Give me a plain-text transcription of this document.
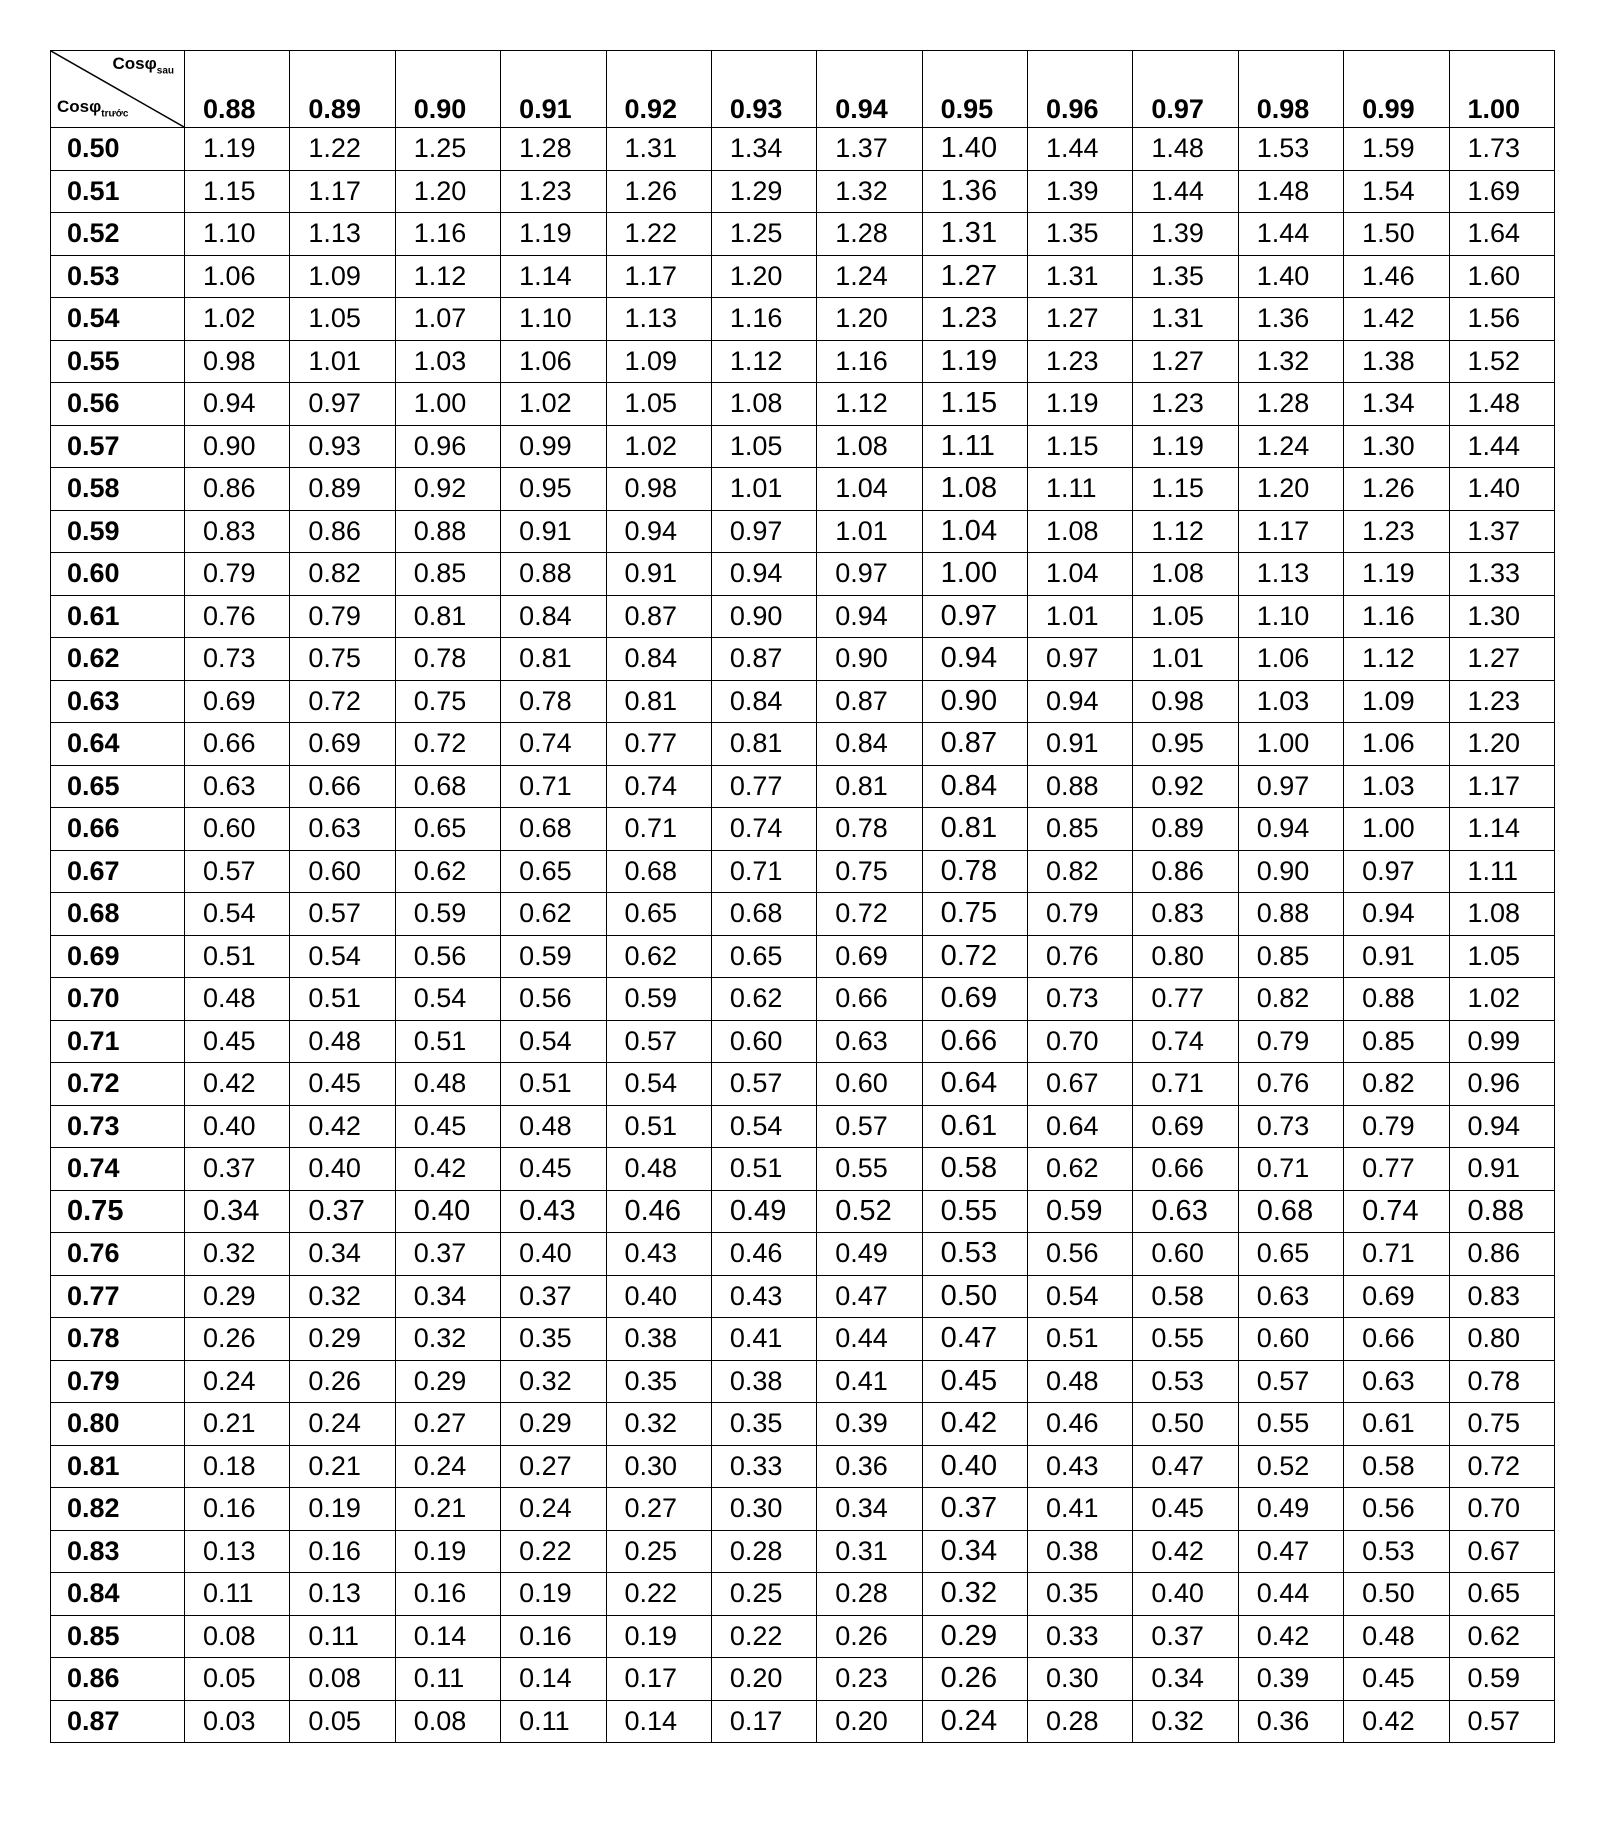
Cosφ$_{sau}$
Cosφ$_{trước}$	0.88	0.89	0.90	0.91	0.92	0.93	0.94	0.95	0.96	0.97	0.98	0.99	1.00
0.50	1.19	1.22	1.25	1.28	1.31	1.34	1.37	1.40	1.44	1.48	1.53	1.59	1.73
0.51	1.15	1.17	1.20	1.23	1.26	1.29	1.32	1.36	1.39	1.44	1.48	1.54	1.69
0.52	1.10	1.13	1.16	1.19	1.22	1.25	1.28	1.31	1.35	1.39	1.44	1.50	1.64
0.53	1.06	1.09	1.12	1.14	1.17	1.20	1.24	1.27	1.31	1.35	1.40	1.46	1.60
0.54	1.02	1.05	1.07	1.10	1.13	1.16	1.20	1.23	1.27	1.31	1.36	1.42	1.56
0.55	0.98	1.01	1.03	1.06	1.09	1.12	1.16	1.19	1.23	1.27	1.32	1.38	1.52
0.56	0.94	0.97	1.00	1.02	1.05	1.08	1.12	1.15	1.19	1.23	1.28	1.34	1.48
0.57	0.90	0.93	0.96	0.99	1.02	1.05	1.08	1.11	1.15	1.19	1.24	1.30	1.44
0.58	0.86	0.89	0.92	0.95	0.98	1.01	1.04	1.08	1.11	1.15	1.20	1.26	1.40
0.59	0.83	0.86	0.88	0.91	0.94	0.97	1.01	1.04	1.08	1.12	1.17	1.23	1.37
0.60	0.79	0.82	0.85	0.88	0.91	0.94	0.97	1.00	1.04	1.08	1.13	1.19	1.33
0.61	0.76	0.79	0.81	0.84	0.87	0.90	0.94	0.97	1.01	1.05	1.10	1.16	1.30
0.62	0.73	0.75	0.78	0.81	0.84	0.87	0.90	0.94	0.97	1.01	1.06	1.12	1.27
0.63	0.69	0.72	0.75	0.78	0.81	0.84	0.87	0.90	0.94	0.98	1.03	1.09	1.23
0.64	0.66	0.69	0.72	0.74	0.77	0.81	0.84	0.87	0.91	0.95	1.00	1.06	1.20
0.65	0.63	0.66	0.68	0.71	0.74	0.77	0.81	0.84	0.88	0.92	0.97	1.03	1.17
0.66	0.60	0.63	0.65	0.68	0.71	0.74	0.78	0.81	0.85	0.89	0.94	1.00	1.14
0.67	0.57	0.60	0.62	0.65	0.68	0.71	0.75	0.78	0.82	0.86	0.90	0.97	1.11
0.68	0.54	0.57	0.59	0.62	0.65	0.68	0.72	0.75	0.79	0.83	0.88	0.94	1.08
0.69	0.51	0.54	0.56	0.59	0.62	0.65	0.69	0.72	0.76	0.80	0.85	0.91	1.05
0.70	0.48	0.51	0.54	0.56	0.59	0.62	0.66	0.69	0.73	0.77	0.82	0.88	1.02
0.71	0.45	0.48	0.51	0.54	0.57	0.60	0.63	0.66	0.70	0.74	0.79	0.85	0.99
0.72	0.42	0.45	0.48	0.51	0.54	0.57	0.60	0.64	0.67	0.71	0.76	0.82	0.96
0.73	0.40	0.42	0.45	0.48	0.51	0.54	0.57	0.61	0.64	0.69	0.73	0.79	0.94
0.74	0.37	0.40	0.42	0.45	0.48	0.51	0.55	0.58	0.62	0.66	0.71	0.77	0.91
0.75	0.34	0.37	0.40	0.43	0.46	0.49	0.52	0.55	0.59	0.63	0.68	0.74	0.88
0.76	0.32	0.34	0.37	0.40	0.43	0.46	0.49	0.53	0.56	0.60	0.65	0.71	0.86
0.77	0.29	0.32	0.34	0.37	0.40	0.43	0.47	0.50	0.54	0.58	0.63	0.69	0.83
0.78	0.26	0.29	0.32	0.35	0.38	0.41	0.44	0.47	0.51	0.55	0.60	0.66	0.80
0.79	0.24	0.26	0.29	0.32	0.35	0.38	0.41	0.45	0.48	0.53	0.57	0.63	0.78
0.80	0.21	0.24	0.27	0.29	0.32	0.35	0.39	0.42	0.46	0.50	0.55	0.61	0.75
0.81	0.18	0.21	0.24	0.27	0.30	0.33	0.36	0.40	0.43	0.47	0.52	0.58	0.72
0.82	0.16	0.19	0.21	0.24	0.27	0.30	0.34	0.37	0.41	0.45	0.49	0.56	0.70
0.83	0.13	0.16	0.19	0.22	0.25	0.28	0.31	0.34	0.38	0.42	0.47	0.53	0.67
0.84	0.11	0.13	0.16	0.19	0.22	0.25	0.28	0.32	0.35	0.40	0.44	0.50	0.65
0.85	0.08	0.11	0.14	0.16	0.19	0.22	0.26	0.29	0.33	0.37	0.42	0.48	0.62
0.86	0.05	0.08	0.11	0.14	0.17	0.20	0.23	0.26	0.30	0.34	0.39	0.45	0.59
0.87	0.03	0.05	0.08	0.11	0.14	0.17	0.20	0.24	0.28	0.32	0.36	0.42	0.57
